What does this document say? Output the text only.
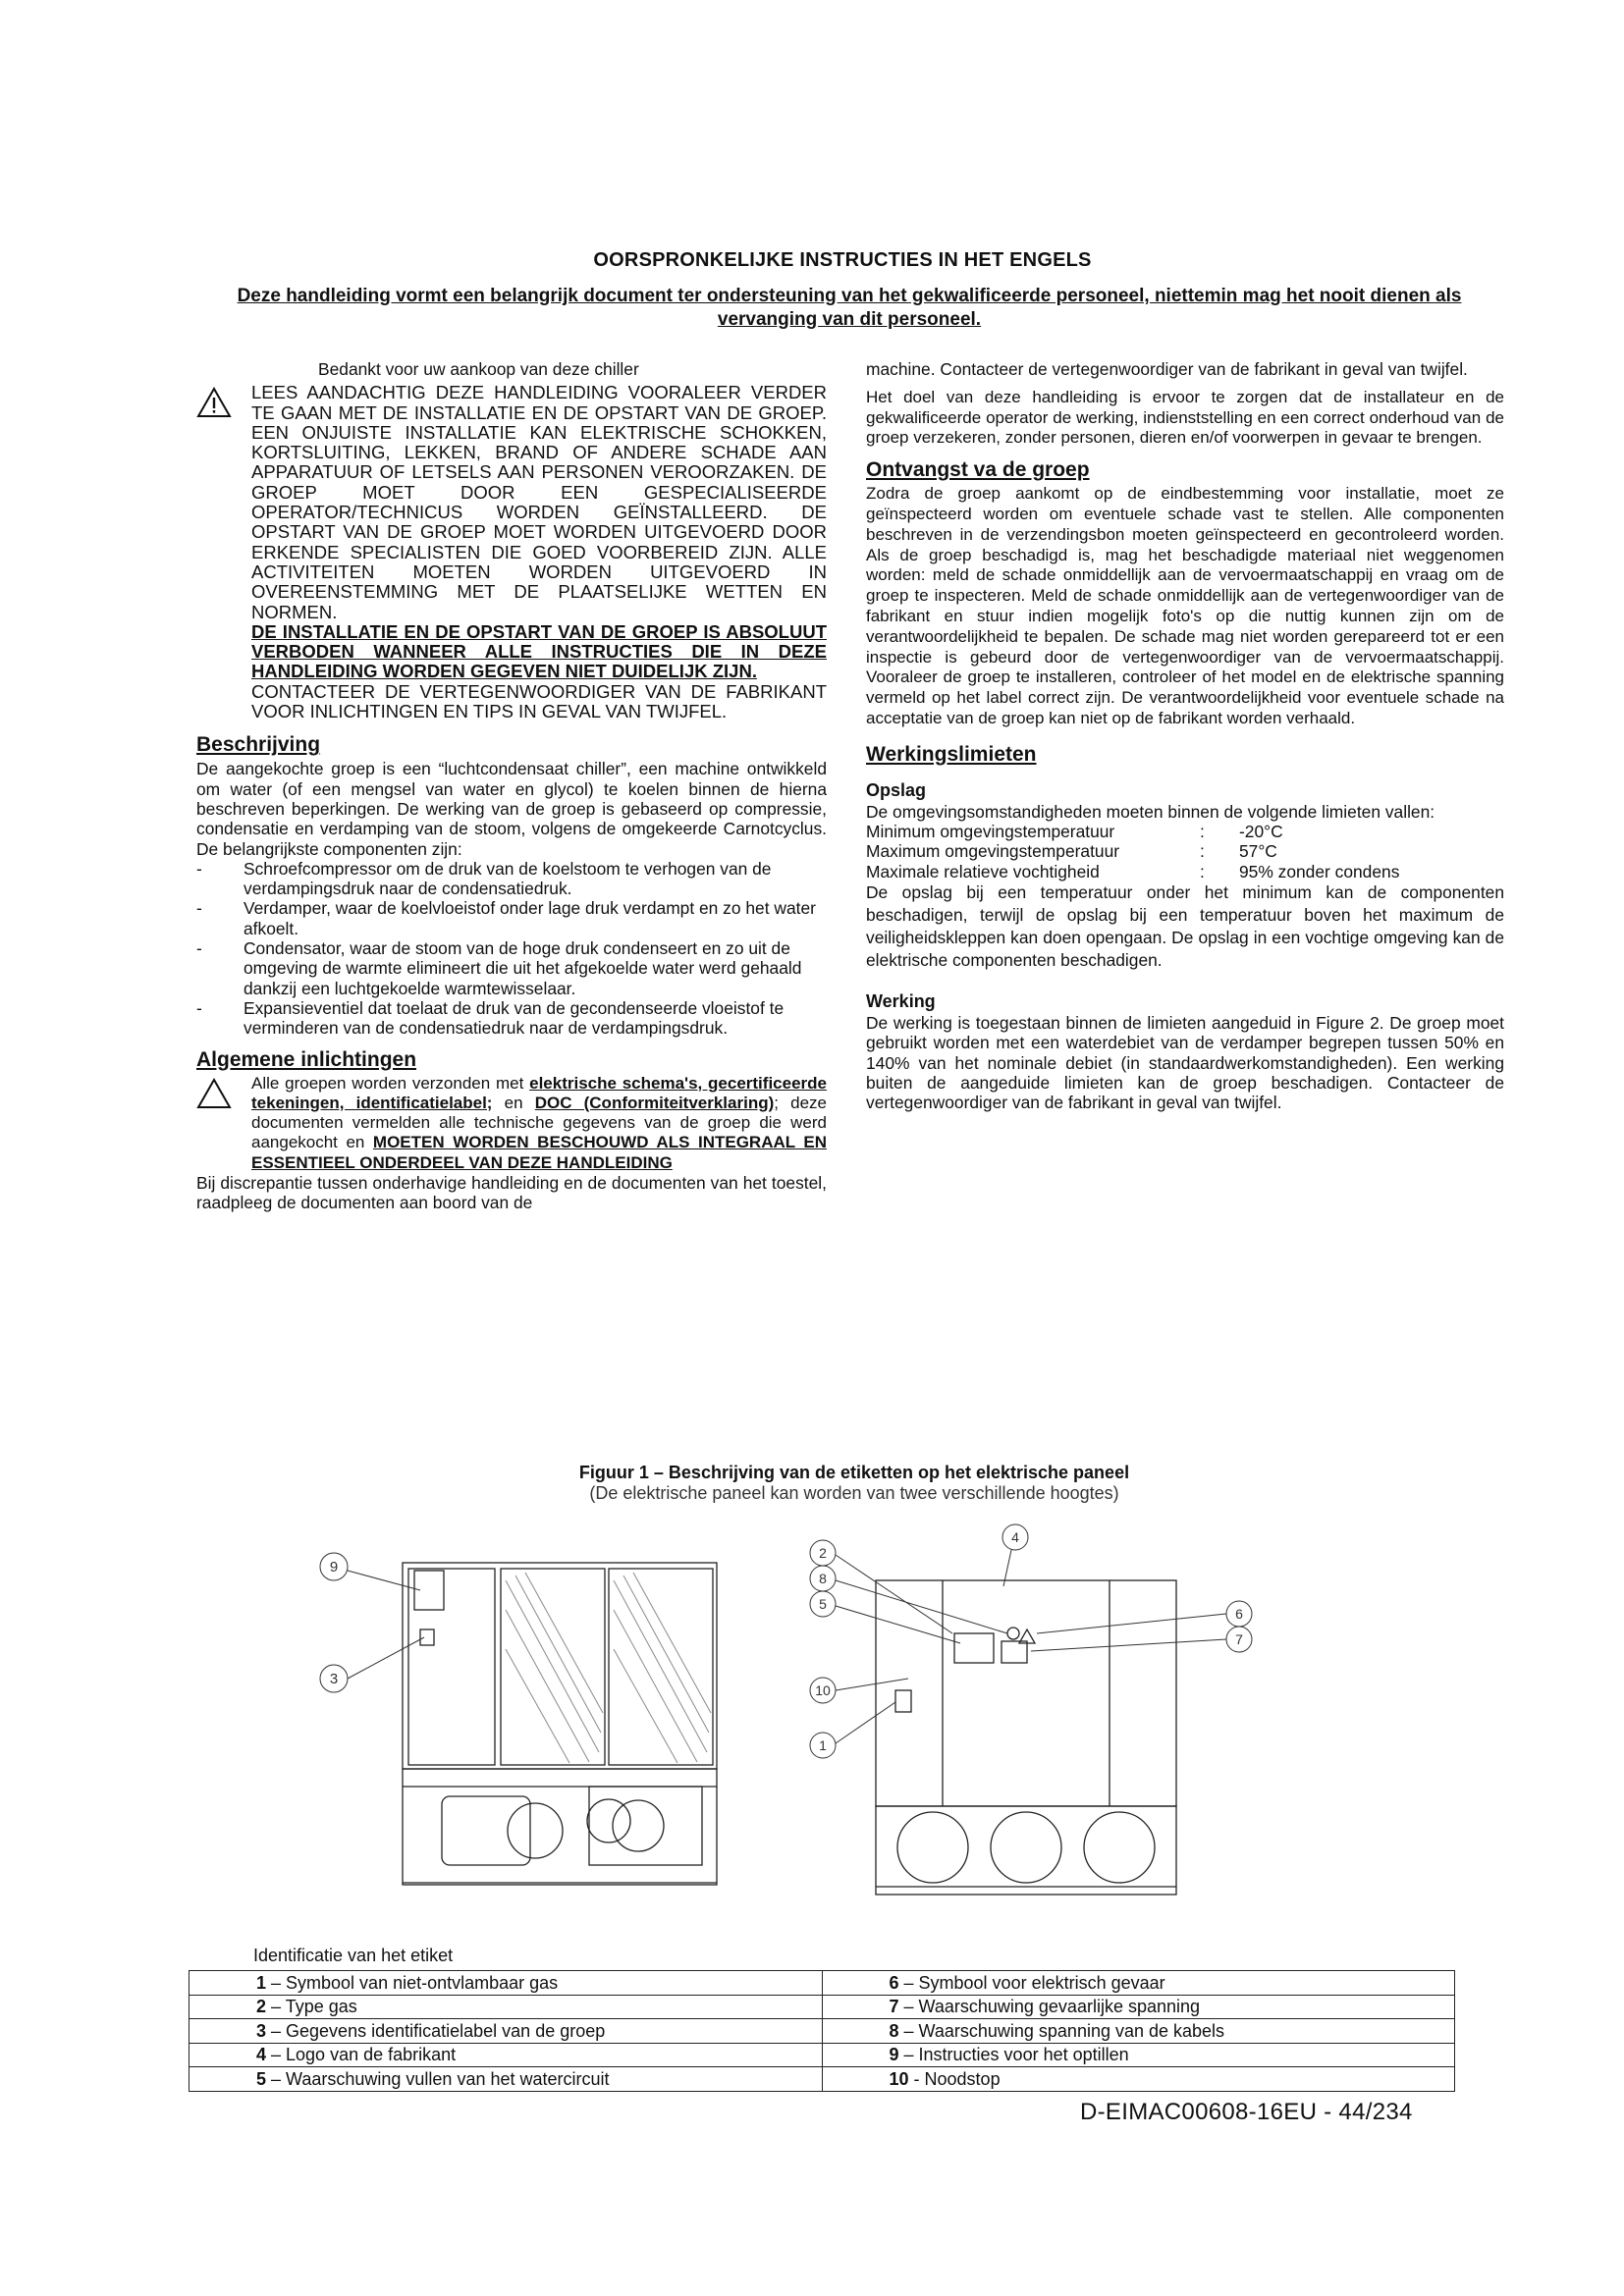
OORSPRONKELIJKE INSTRUCTIES IN HET ENGELS
Deze handleiding vormt een belangrijk document ter ondersteuning van het gekwalificeerde personeel, niettemin mag het nooit dienen als vervanging van dit personeel.

Bedankt voor uw aankoop van deze chiller

LEES AANDACHTIG DEZE HANDLEIDING VOORALEER VERDER TE GAAN MET DE INSTALLATIE EN DE OPSTART VAN DE GROEP. EEN ONJUISTE INSTALLATIE KAN ELEKTRISCHE SCHOKKEN, KORTSLUITING, LEKKEN, BRAND OF ANDERE SCHADE AAN APPARATUUR OF LETSELS AAN PERSONEN VEROORZAKEN. DE GROEP MOET DOOR EEN GESPECIALISEERDE OPERATOR/TECHNICUS WORDEN GEÏNSTALLEERD. DE OPSTART VAN DE GROEP MOET WORDEN UITGEVOERD DOOR ERKENDE SPECIALISTEN DIE GOED VOORBEREID ZIJN. ALLE ACTIVITEITEN MOETEN WORDEN UITGEVOERD IN OVEREENSTEMMING MET DE PLAATSELIJKE WETTEN EN NORMEN.

DE INSTALLATIE EN DE OPSTART VAN DE GROEP IS ABSOLUUT VERBODEN WANNEER ALLE INSTRUCTIES DIE IN DEZE HANDLEIDING WORDEN GEGEVEN NIET DUIDELIJK ZIJN.

CONTACTEER DE VERTEGENWOORDIGER VAN DE FABRIKANT VOOR INLICHTINGEN EN TIPS IN GEVAL VAN TWIJFEL.

Beschrijving

De aangekochte groep is een “luchtcondensaat chiller”, een machine ontwikkeld om water (of een mengsel van water en glycol) te koelen binnen de hierna beschreven beperkingen. De werking van de groep is gebaseerd op compressie, condensatie en verdamping van de stoom, volgens de omgekeerde Carnotcyclus. De belangrijkste componenten zijn:

- Schroefcompressor om de druk van de koelstoom te verhogen van de verdampingsdruk naar de condensatiedruk.
- Verdamper, waar de koelvloeistof onder lage druk verdampt en zo het water afkoelt.
- Condensator, waar de stoom van de hoge druk condenseert en zo uit de omgeving de warmte elimineert die uit het afgekoelde water werd gehaald dankzij een luchtgekoelde warmtewisselaar.
- Expansieventiel dat toelaat de druk van de gecondenseerde vloeistof te verminderen van de condensatiedruk naar de verdampingsdruk.
Algemene inlichtingen

Alle groepen worden verzonden met elektrische schema's, gecertificeerde tekeningen, identificatielabel; en DOC (Conformiteitverklaring); deze documenten vermelden alle technische gegevens van de groep die werd aangekocht en MOETEN WORDEN BESCHOUWD ALS INTEGRAAL EN ESSENTIEEL ONDERDEEL VAN DEZE HANDLEIDING

Bij discrepantie tussen onderhavige handleiding en de documenten van het toestel, raadpleeg de documenten aan boord van de

machine. Contacteer de vertegenwoordiger van de fabrikant in geval van twijfel.

Het doel van deze handleiding is ervoor te zorgen dat de installateur en de gekwalificeerde operator de werking, indienststelling en een correct onderhoud van de groep verzekeren, zonder personen, dieren en/of voorwerpen in gevaar te brengen.

Ontvangst va de groep

Zodra de groep aankomt op de eindbestemming voor installatie, moet ze geïnspecteerd worden om eventuele schade vast te stellen. Alle componenten beschreven in de verzendingsbon moeten geïnspecteerd en gecontroleerd worden. Als de groep beschadigd is, mag het beschadigde materiaal niet weggenomen worden: meld de schade onmiddellijk aan de vervoermaatschappij en vraag om de groep te inspecteren. Meld de schade onmiddellijk aan de vertegenwoordiger van de fabrikant en stuur indien mogelijk foto's op die nuttig kunnen zijn om de verantwoordelijkheid te bepalen. De schade mag niet worden gerepareerd tot er een inspectie is gebeurd door de vertegenwoordiger van de vervoermaatschappij. Vooraleer de groep te installeren, controleer of het model en de elektrische spanning vermeld op het label correct zijn. De verantwoordelijkheid voor eventuele schade na acceptatie van de groep kan niet op de fabrikant worden verhaald.

Werkingslimieten
Opslag

De omgevingsomstandigheden moeten binnen de volgende limieten vallen:

Minimum omgevingstemperatuur	:	-20°C
Maximum omgevingstemperatuur	:	57°C
Maximale relatieve vochtigheid	:	95% zonder condens

De opslag bij een temperatuur onder het minimum kan de componenten beschadigen, terwijl de opslag bij een temperatuur boven het maximum de veiligheidskleppen kan doen opengaan. De opslag in een vochtige omgeving kan de elektrische componenten beschadigen.

Werking

De werking is toegestaan binnen de limieten aangeduid in Figure 2. De groep moet gebruikt worden met een waterdebiet van de verdamper begrepen tussen 50% en 140% van het nominale debiet (in standaardwerkomstandigheden). Een werking buiten de aangeduide limieten kan de groep beschadigen. Contacteer de vertegenwoordiger van de fabrikant in geval van twijfel.

Figuur 1 – Beschrijving van de etiketten op het elektrische paneel
(De elektrische paneel kan worden van twee verschillende hoogtes)
9
3
2
8
5
10
1
4
6
7
Identificatie van het etiket
1 – Symbool van niet-ontvlambaar gas	6 – Symbool voor elektrisch gevaar
2 – Type gas	7 – Waarschuwing gevaarlijke spanning
3 – Gegevens identificatielabel van de groep	8 – Waarschuwing spanning van de kabels
4 – Logo van de fabrikant	9 – Instructies voor het optillen
5 – Waarschuwing vullen van het watercircuit	10 - Noodstop
D-EIMAC00608-16EU - 44/234
